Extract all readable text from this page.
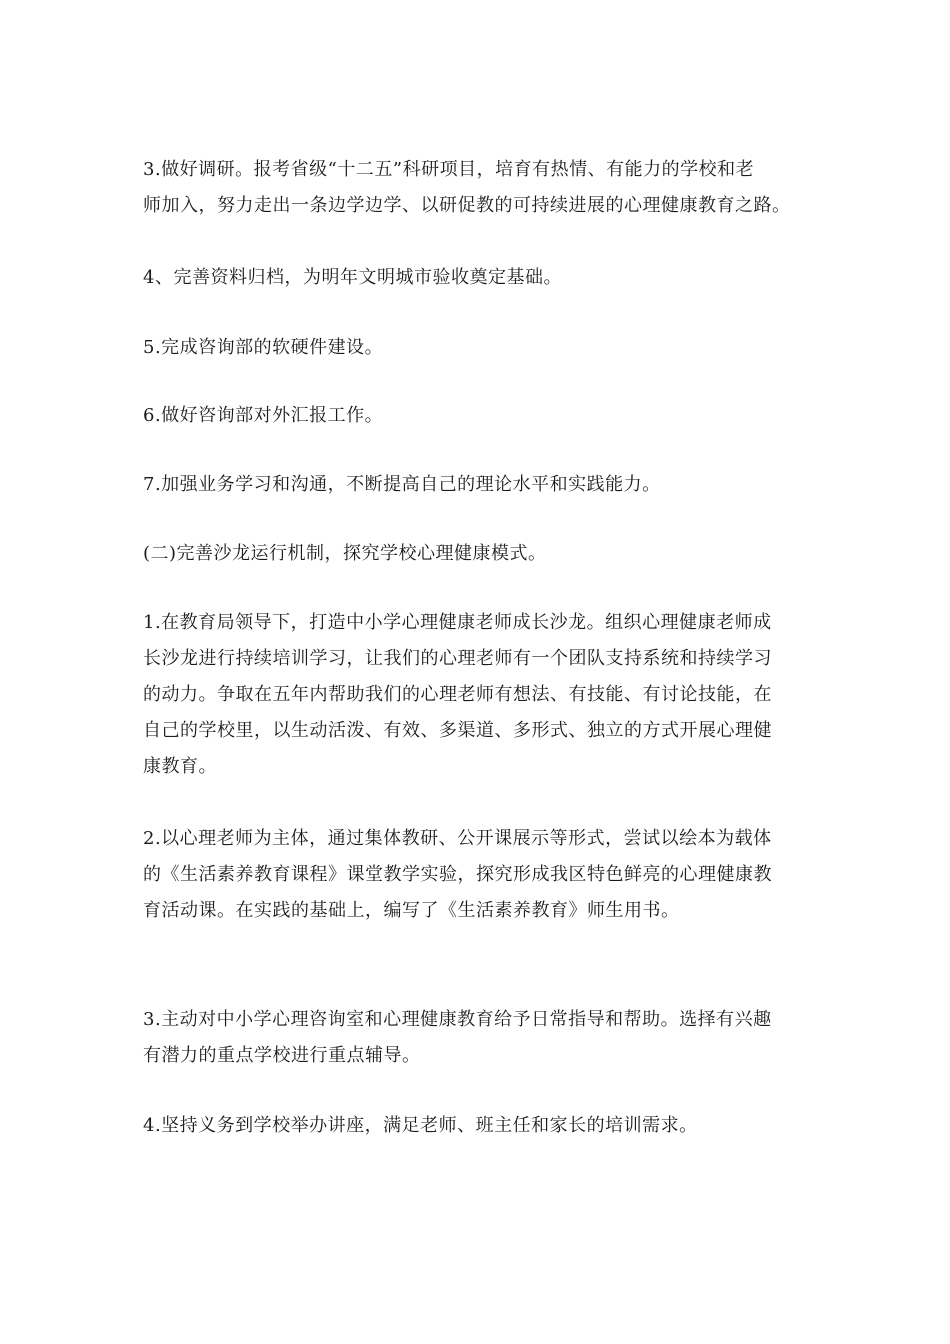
3.做好调研。报考省级“十二五”科研项目，培育有热情、有能力的学校和老
师加入，努力走出一条边学边学、以研促教的可持续进展的心理健康教育之路。

4、完善资料归档，为明年文明城市验收奠定基础。

5.完成咨询部的软硬件建设。

6.做好咨询部对外汇报工作。

7.加强业务学习和沟通，不断提高自己的理论水平和实践能力。

(二)完善沙龙运行机制，探究学校心理健康模式。

1.在教育局领导下，打造中小学心理健康老师成长沙龙。组织心理健康老师成
长沙龙进行持续培训学习，让我们的心理老师有一个团队支持系统和持续学习
的动力。争取在五年内帮助我们的心理老师有想法、有技能、有讨论技能，在
自己的学校里，以生动活泼、有效、多渠道、多形式、独立的方式开展心理健
康教育。

2.以心理老师为主体，通过集体教研、公开课展示等形式，尝试以绘本为载体
的《生活素养教育课程》课堂教学实验，探究形成我区特色鲜亮的心理健康教
育活动课。在实践的基础上，编写了《生活素养教育》师生用书。

3.主动对中小学心理咨询室和心理健康教育给予日常指导和帮助。选择有兴趣
有潜力的重点学校进行重点辅导。

4.坚持义务到学校举办讲座，满足老师、班主任和家长的培训需求。
